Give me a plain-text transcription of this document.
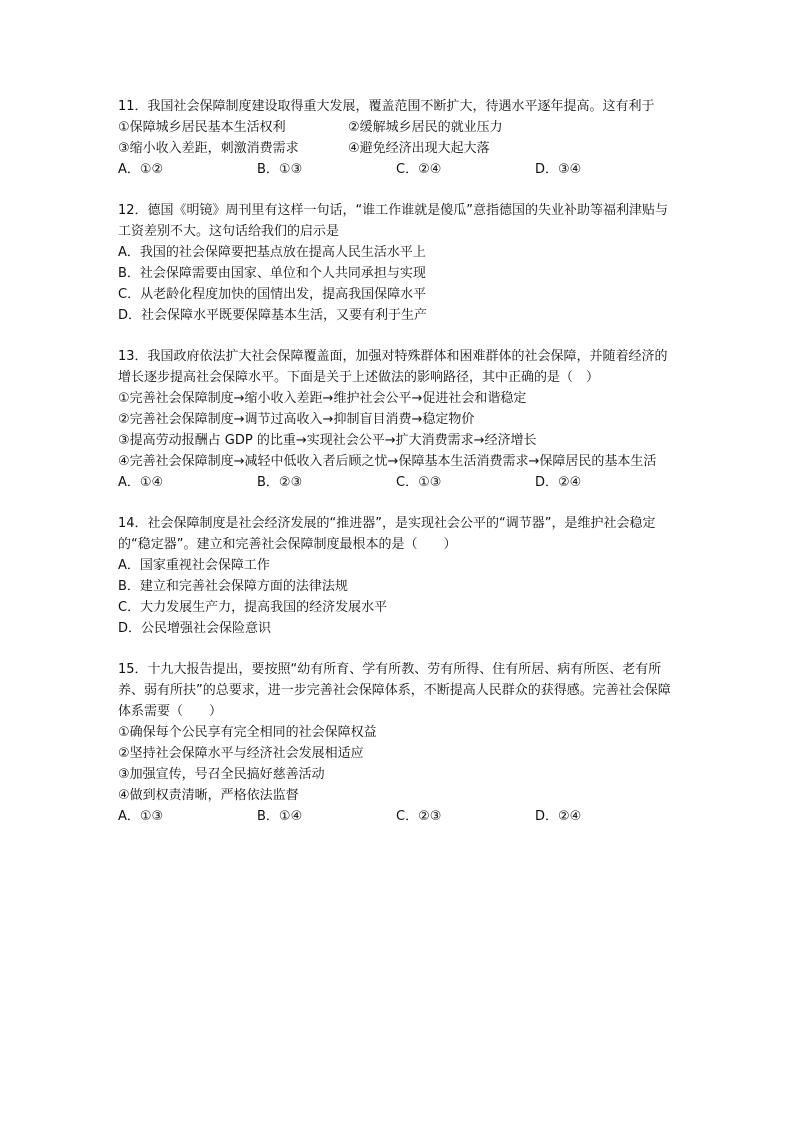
11．我国社会保障制度建设取得重大发展，覆盖范围不断扩大，待遇水平逐年提高。这有利于
①保障城乡居民基本生活权利	②缓解城乡居民的就业压力
③缩小收入差距，刺激消费需求	④避免经济出现大起大落
A．①②	B．①③	C．②④	D．③④
12．德国《明镜》周刊里有这样一句话，“谁工作谁就是傻瓜”意指德国的失业补助等福利津贴与工资差别不大。这句话给我们的启示是
A．我国的社会保障要把基点放在提高人民生活水平上
B．社会保障需要由国家、单位和个人共同承担与实现
C．从老龄化程度加快的国情出发，提高我国保障水平
D．社会保障水平既要保障基本生活，又要有利于生产
13．我国政府依法扩大社会保障覆盖面，加强对特殊群体和困难群体的社会保障，并随着经济的增长逐步提高社会保障水平。下面是关于上述做法的影响路径，其中正确的是（　）
①完善社会保障制度→缩小收入差距→维护社会公平→促进社会和谐稳定
②完善社会保障制度→调节过高收入→抑制盲目消费→稳定物价
③提高劳动报酬占 GDP 的比重→实现社会公平→扩大消费需求→经济增长
④完善社会保障制度→减轻中低收入者后顾之忧→保障基本生活消费需求→保障居民的基本生活
A．①④	B．②③	C．①③	D．②④
14．社会保障制度是社会经济发展的“推进器”，是实现社会公平的“调节器”，是维护社会稳定的“稳定器”。建立和完善社会保障制度最根本的是（　　）
A．国家重视社会保障工作
B．建立和完善社会保障方面的法律法规
C．大力发展生产力，提高我国的经济发展水平
D．公民增强社会保险意识
15．十九大报告提出，要按照“幼有所育、学有所教、劳有所得、住有所居、病有所医、老有所养、弱有所扶”的总要求，进一步完善社会保障体系，不断提高人民群众的获得感。完善社会保障体系需要（　　）
①确保每个公民享有完全相同的社会保障权益
②坚持社会保障水平与经济社会发展相适应
③加强宣传，号召全民搞好慈善活动
④做到权责清晰，严格依法监督
A．①③	B．①④	C．②③	D．②④
